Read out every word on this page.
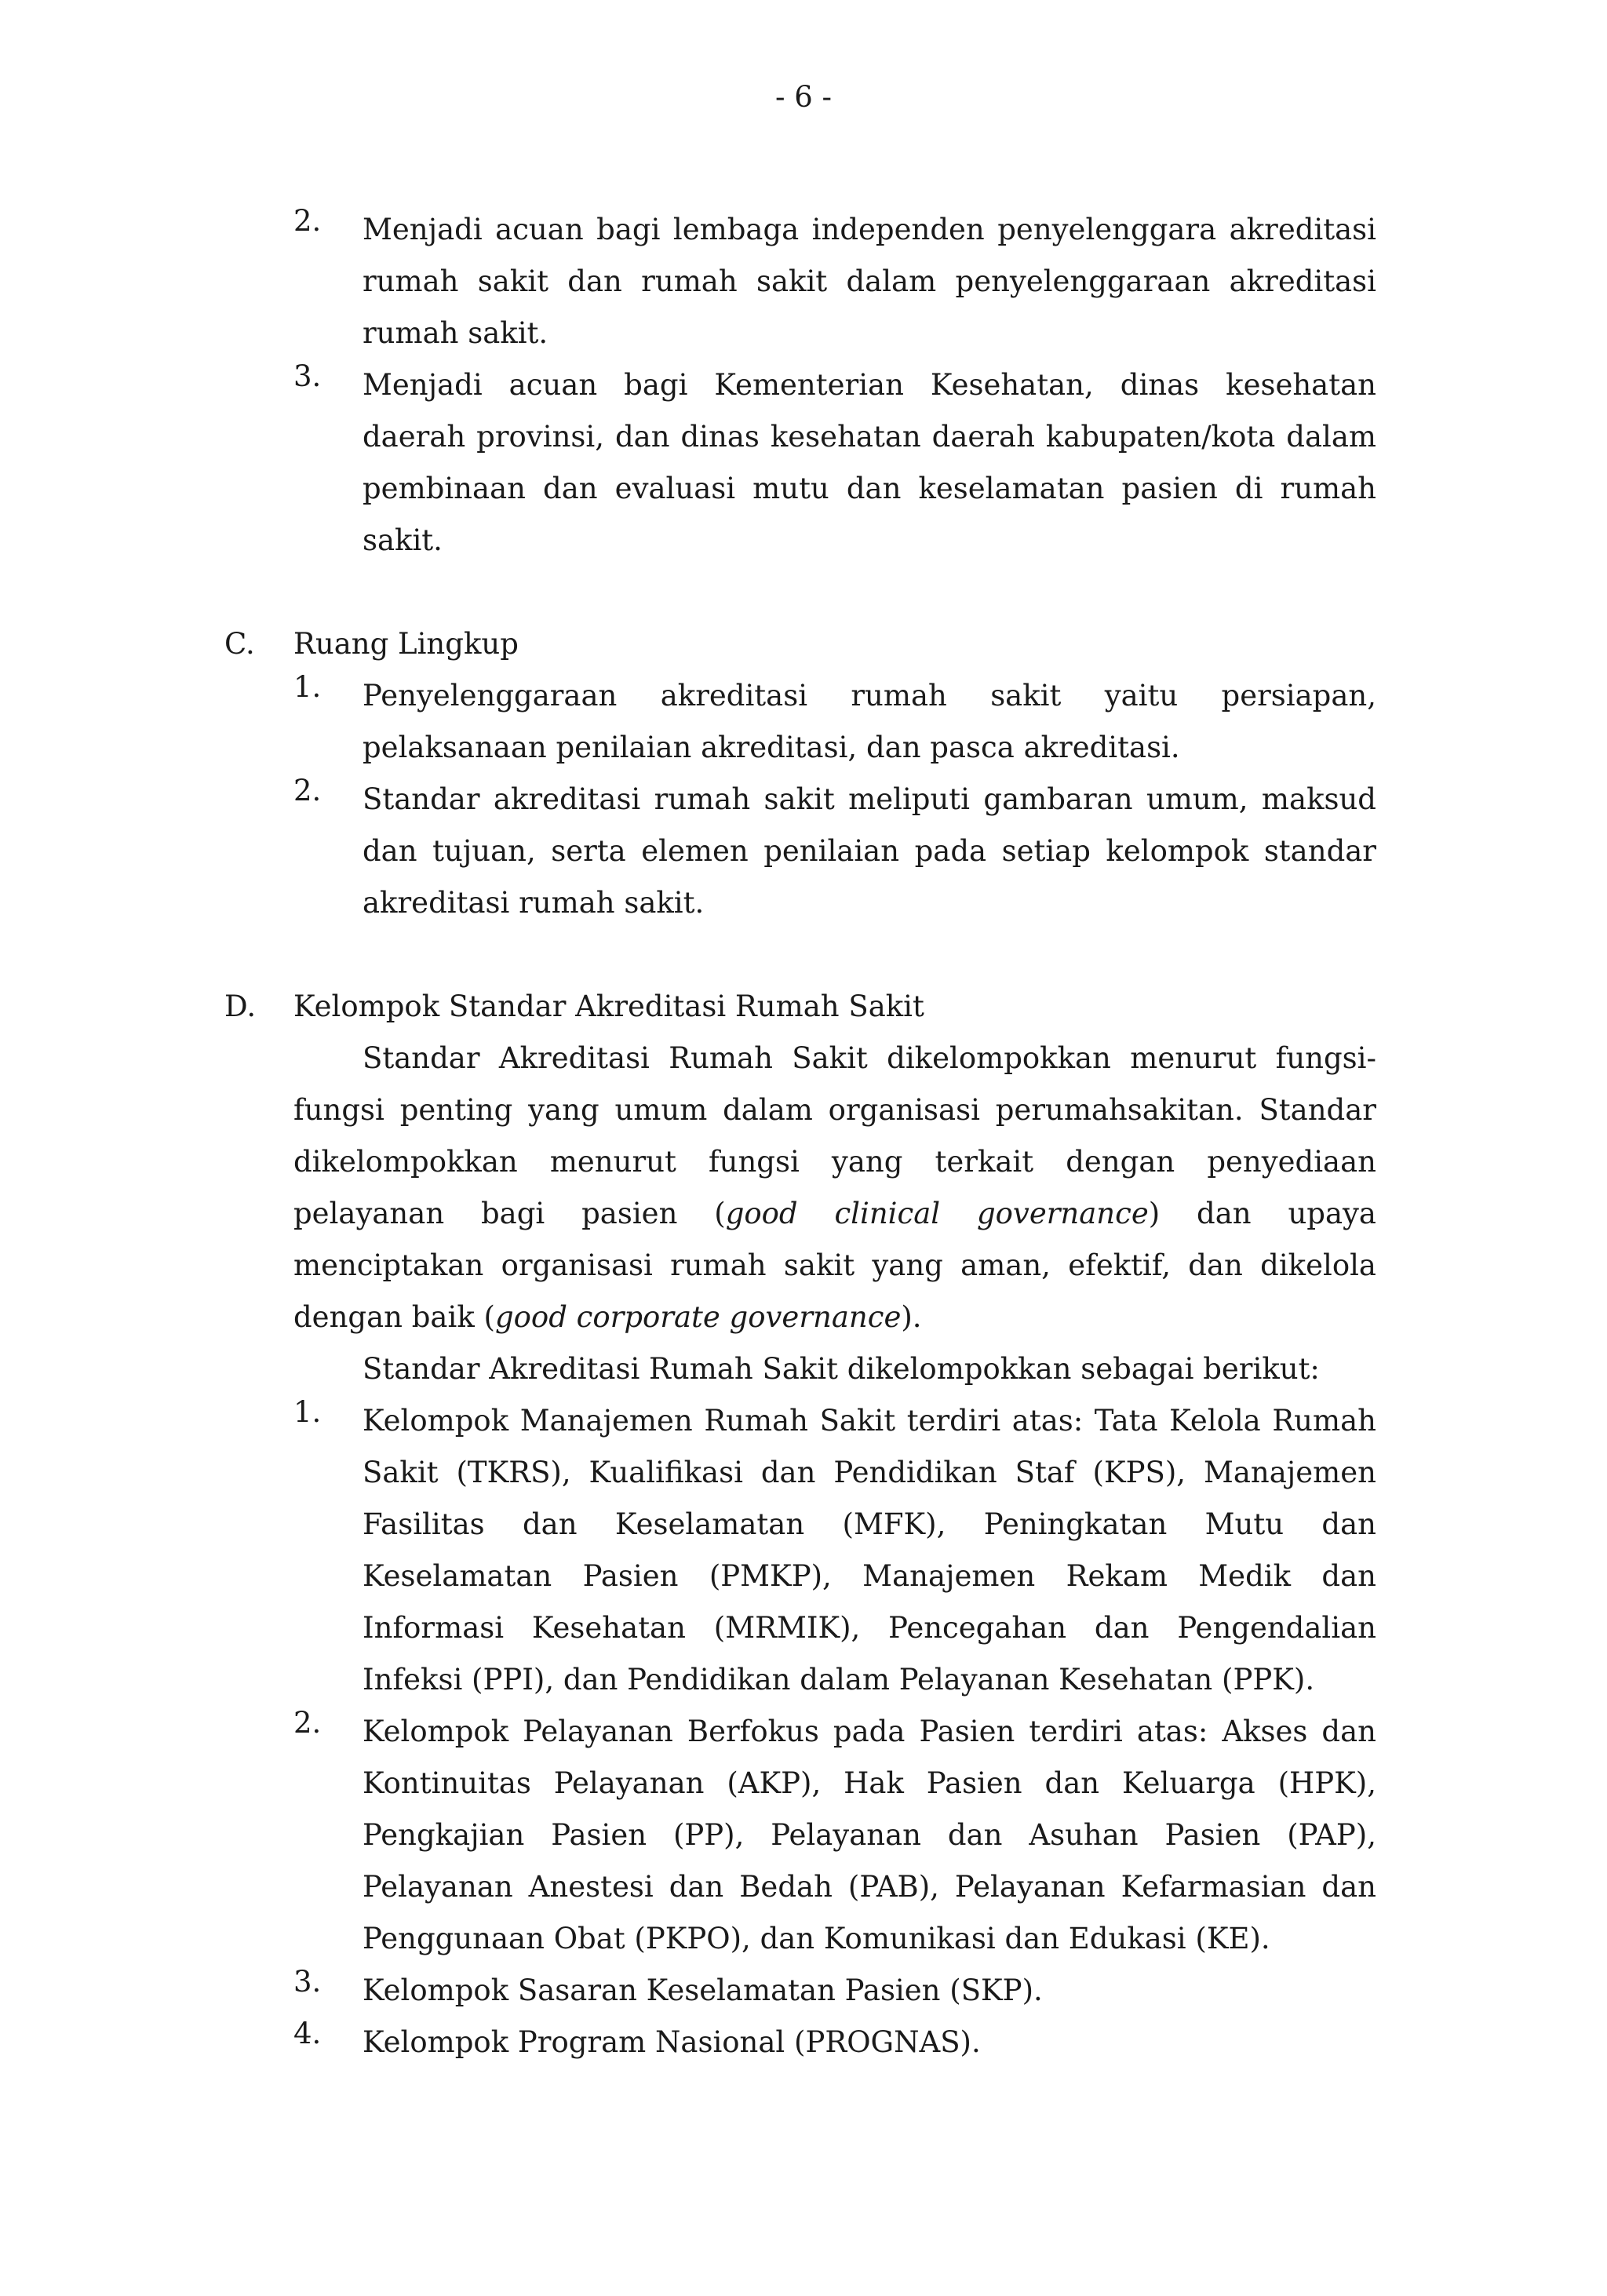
- 6 -
2. Menjadi acuan bagi lembaga independen penyelenggara akreditasi rumah sakit dan rumah sakit dalam penyelenggaraan akreditasi rumah sakit.
3. Menjadi acuan bagi Kementerian Kesehatan, dinas kesehatan daerah provinsi, dan dinas kesehatan daerah kabupaten/kota dalam pembinaan dan evaluasi mutu dan keselamatan pasien di rumah sakit.
C. Ruang Lingkup
1. Penyelenggaraan akreditasi rumah sakit yaitu persiapan, pelaksanaan penilaian akreditasi, dan pasca akreditasi.
2. Standar akreditasi rumah sakit meliputi gambaran umum, maksud dan tujuan, serta elemen penilaian pada setiap kelompok standar akreditasi rumah sakit.
D. Kelompok Standar Akreditasi Rumah Sakit
Standar Akreditasi Rumah Sakit dikelompokkan menurut fungsi-fungsi penting yang umum dalam organisasi perumahsakitan. Standar dikelompokkan menurut fungsi yang terkait dengan penyediaan pelayanan bagi pasien (good clinical governance) dan upaya menciptakan organisasi rumah sakit yang aman, efektif, dan dikelola dengan baik (good corporate governance).
Standar Akreditasi Rumah Sakit dikelompokkan sebagai berikut:
1. Kelompok Manajemen Rumah Sakit terdiri atas: Tata Kelola Rumah Sakit (TKRS), Kualifikasi dan Pendidikan Staf (KPS), Manajemen Fasilitas dan Keselamatan (MFK), Peningkatan Mutu dan Keselamatan Pasien (PMKP), Manajemen Rekam Medik dan Informasi Kesehatan (MRMIK), Pencegahan dan Pengendalian Infeksi (PPI), dan Pendidikan dalam Pelayanan Kesehatan (PPK).
2. Kelompok Pelayanan Berfokus pada Pasien terdiri atas: Akses dan Kontinuitas Pelayanan (AKP), Hak Pasien dan Keluarga (HPK), Pengkajian Pasien (PP), Pelayanan dan Asuhan Pasien (PAP), Pelayanan Anestesi dan Bedah (PAB), Pelayanan Kefarmasian dan Penggunaan Obat (PKPO), dan Komunikasi dan Edukasi (KE).
3. Kelompok Sasaran Keselamatan Pasien (SKP).
4. Kelompok Program Nasional (PROGNAS).
